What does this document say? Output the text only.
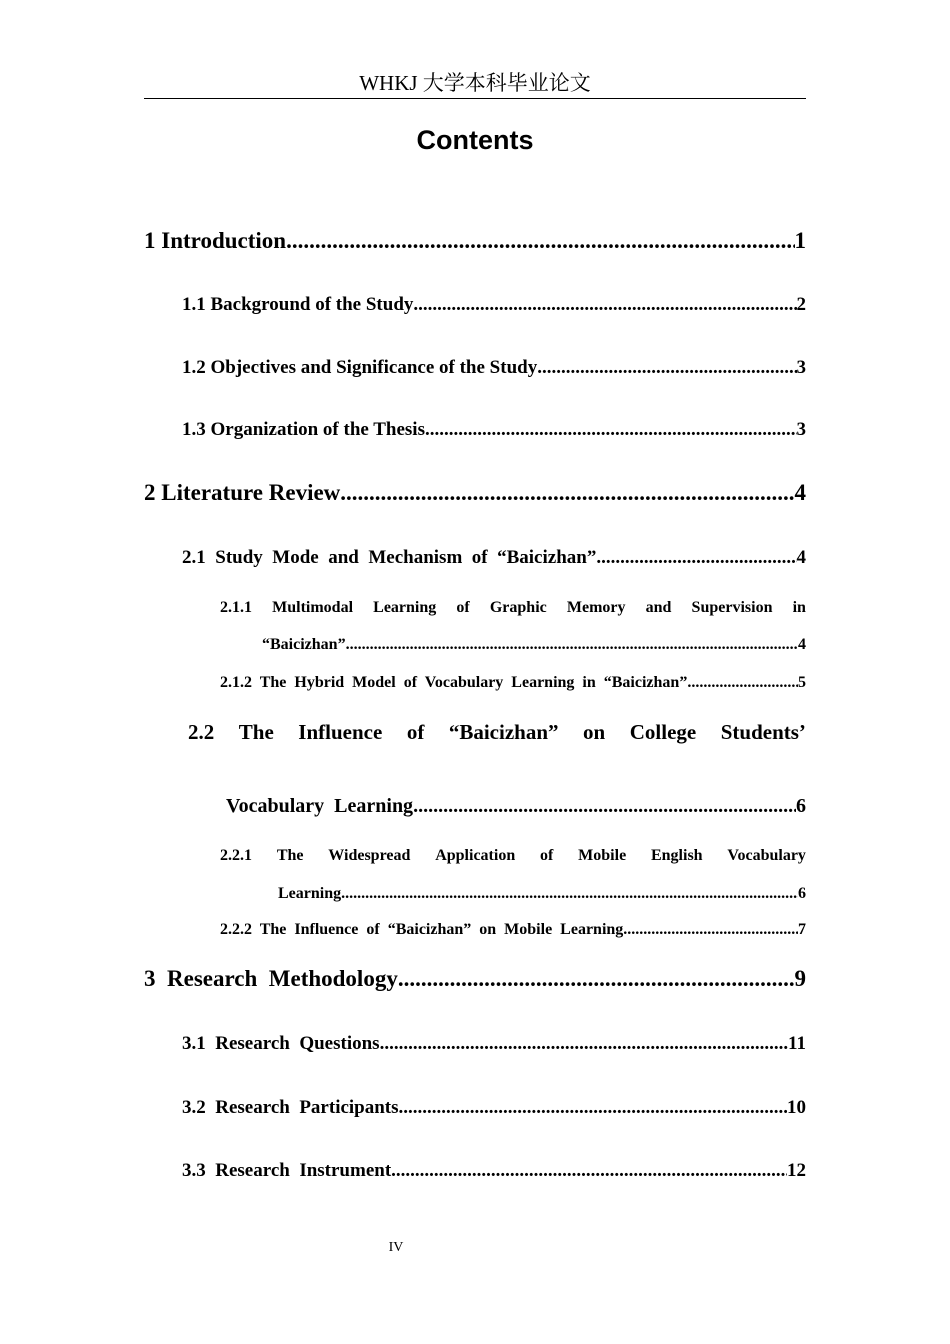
WHKJ 大学本科毕业论文
Contents
1 Introduction .....	1
1.1 Background of the Study .....	2
1.2 Objectives and Significance of the Study .....	3
1.3 Organization of the Thesis .....	3
2 Literature Review .....	4
2.1  Study  Mode  and  Mechanism  of  “Baicizhan” .....	4
2.1.1 Multimodal Learning of Graphic Memory and Supervision in
“Baicizhan” .....	4
2.1.2  The  Hybrid  Model  of  Vocabulary  Learning  in  “Baicizhan” .....	5
2.2 The Influence of “Baicizhan” on College Students’
Vocabulary  Learning .....	6
2.2.1 The Widespread Application of Mobile English Vocabulary
Learning .....	6
2.2.2  The  Influence  of  “Baicizhan”  on  Mobile  Learning .....	7
3  Research  Methodology .....	9
3.1  Research  Questions .....	11
3.2  Research  Participants .....	10
3.3  Research  Instrument .....	12
IV
